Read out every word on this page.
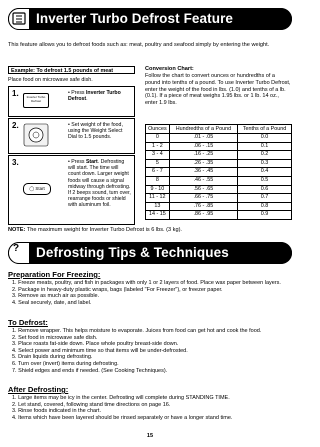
Inverter Turbo Defrost Feature
This feature allows you to defrost foods such as: meat, poultry and seafood simply by entering the weight.
Example: To defrost 1.5 pounds of meat
Place food on microwave safe dish.
1.	Inverter Turbo Defrost
• Press Inverter Turbo Defrost.
2.	• Set weight of the food, using the Weight Select Dial to 1.5 pounds.
3.
◯ Start
• Press Start. Defrosting will start. The time will count down. Larger weight foods will cause a signal midway through defrosting. If 2 beeps sound, turn over, rearrange foods or shield with aluminum foil.
Conversion Chart:
Follow the chart to convert ounces or hundredths of a pound into tenths of a pound. To use Inverter Turbo Defrost, enter the weight of the food in lbs. (1.0) and tenths of a lb. (0.1). If a piece of meat weighs 1.95 lbs. or 1 lb. 14 oz., enter 1.9 lbs.
Ounces	Hundredths of a Pound	Tenths of a Pound
0	.01 - .05	0.0
1 - 2	.06 - .15	0.1
3 - 4	.16 - .25	0.2
5	.26 - .35	0.3
6 - 7	.36 - .45	0.4
8	.46 - .55	0.5
9 - 10	.56 - .65	0.6
11 - 12	.66 - .75	0.7
13	.76 - .85	0.8
14 - 15	.86 - .95	0.9
NOTE: The maximum weight for Inverter Turbo Defrost is 6 lbs. (3 kg).
?	Defrosting Tips & Techniques
Preparation For Freezing:
1. Freeze meats, poultry, and fish in packages with only 1 or 2 layers of food. Place wax paper between layers.
2. Package in heavy-duty plastic wraps, bags (labeled "For Freezer"), or freezer paper.
3. Remove as much air as possible.
4. Seal securely, date, and label.
To Defrost:
1. Remove wrapper. This helps moisture to evaporate. Juices from food can get hot and cook the food.
2. Set food in microwave safe dish.
3. Place roasts fat-side down. Place whole poultry breast-side down.
4. Select power and minimum time so that items will be under-defrosted.
5. Drain liquids during defrosting.
6. Turn over (invert) items during defrosting.
7. Shield edges and ends if needed. (See Cooking Techniques).
After Defrosting:
1. Large items may be icy in the center. Defrosting will complete during STANDING TIME.
2. Let stand, covered, following stand time directions on page 16.
3. Rinse foods indicated in the chart.
4. Items which have been layered should be rinsed separately or have a longer stand time.
15
